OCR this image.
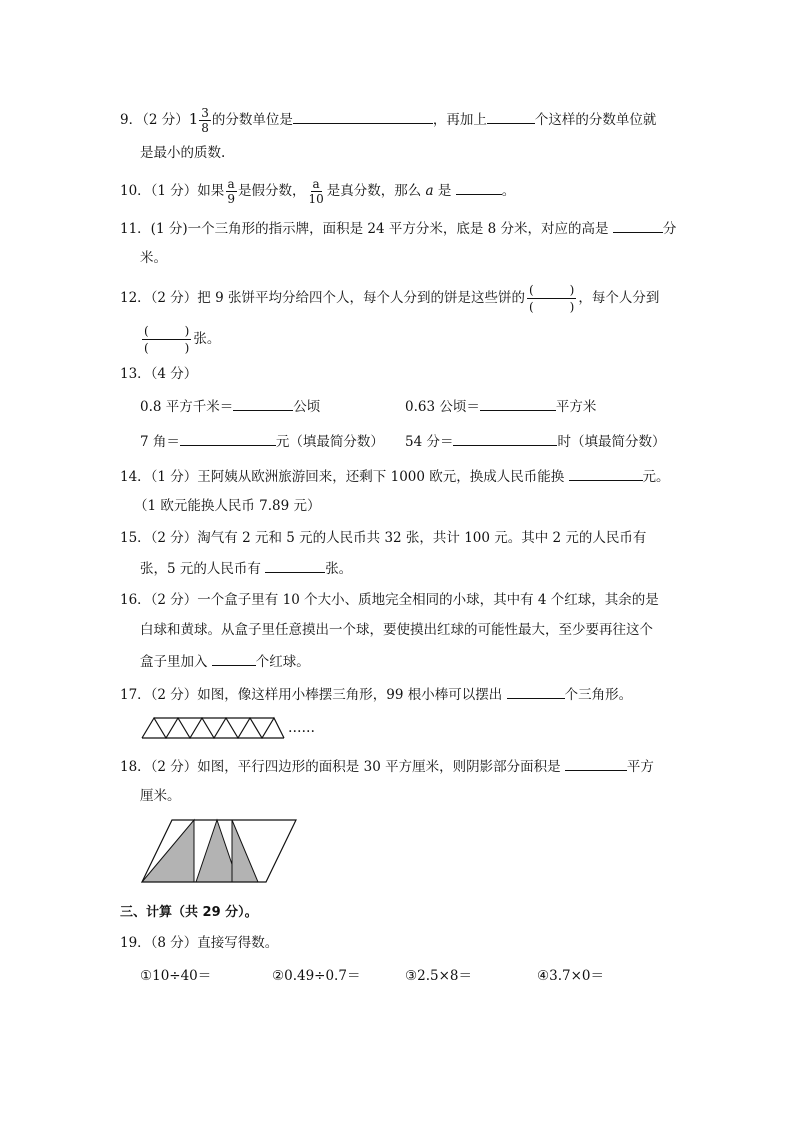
9．（2 分）$1 \frac{3}{8}$ 的分数单位是	，再加上	个这样的分数单位就
是最小的质数.
10．（1 分）如果 $\frac{a}{9}$ 是假分数， $\frac{a}{10}$ 是真分数，那么 a 是	。
11．(1 分)一个三角形的指示牌，面积是 24 平方分米，底是 8 分米，对应的高是	分
米。
12．（2 分）把 9 张饼平均分给四个人，每个人分到的饼是这些饼的 $\frac{( )}{( )}$ ，每个人分到
$\frac{( )}{( )}$ 张。
13．（4 分）
0.8 平方千米＝	公顷	0.63 公顷＝	平方米
7 角＝	元（填最简分数） 54 分＝	时（填最简分数）
14．（1 分）王阿姨从欧洲旅游回来，还剩下 1000 欧元，换成人民币能换	元。
（1 欧元能换人民币 7.89 元）
15．（2 分）淘气有 2 元和 5 元的人民币共 32 张，共计 100 元。其中 2 元的人民币有
张，5 元的人民币有	张。
16．（2 分）一个盒子里有 10 个大小、质地完全相同的小球，其中有 4 个红球，其余的是
白球和黄球。从盒子里任意摸出一个球，要使摸出红球的可能性最大，至少要再往这个
盒子里加入	个红球。
17．（2 分）如图，像这样用小棒摆三角形，99 根小棒可以摆出	个三角形。
……
18．（2 分）如图，平行四边形的面积是 30 平方厘米，则阴影部分面积是	平方
厘米。
三、计算（共 29 分）。
19．（8 分）直接写得数。
①10÷40＝	②0.49÷0.7＝	③2.5×8＝	④3.7×0＝
